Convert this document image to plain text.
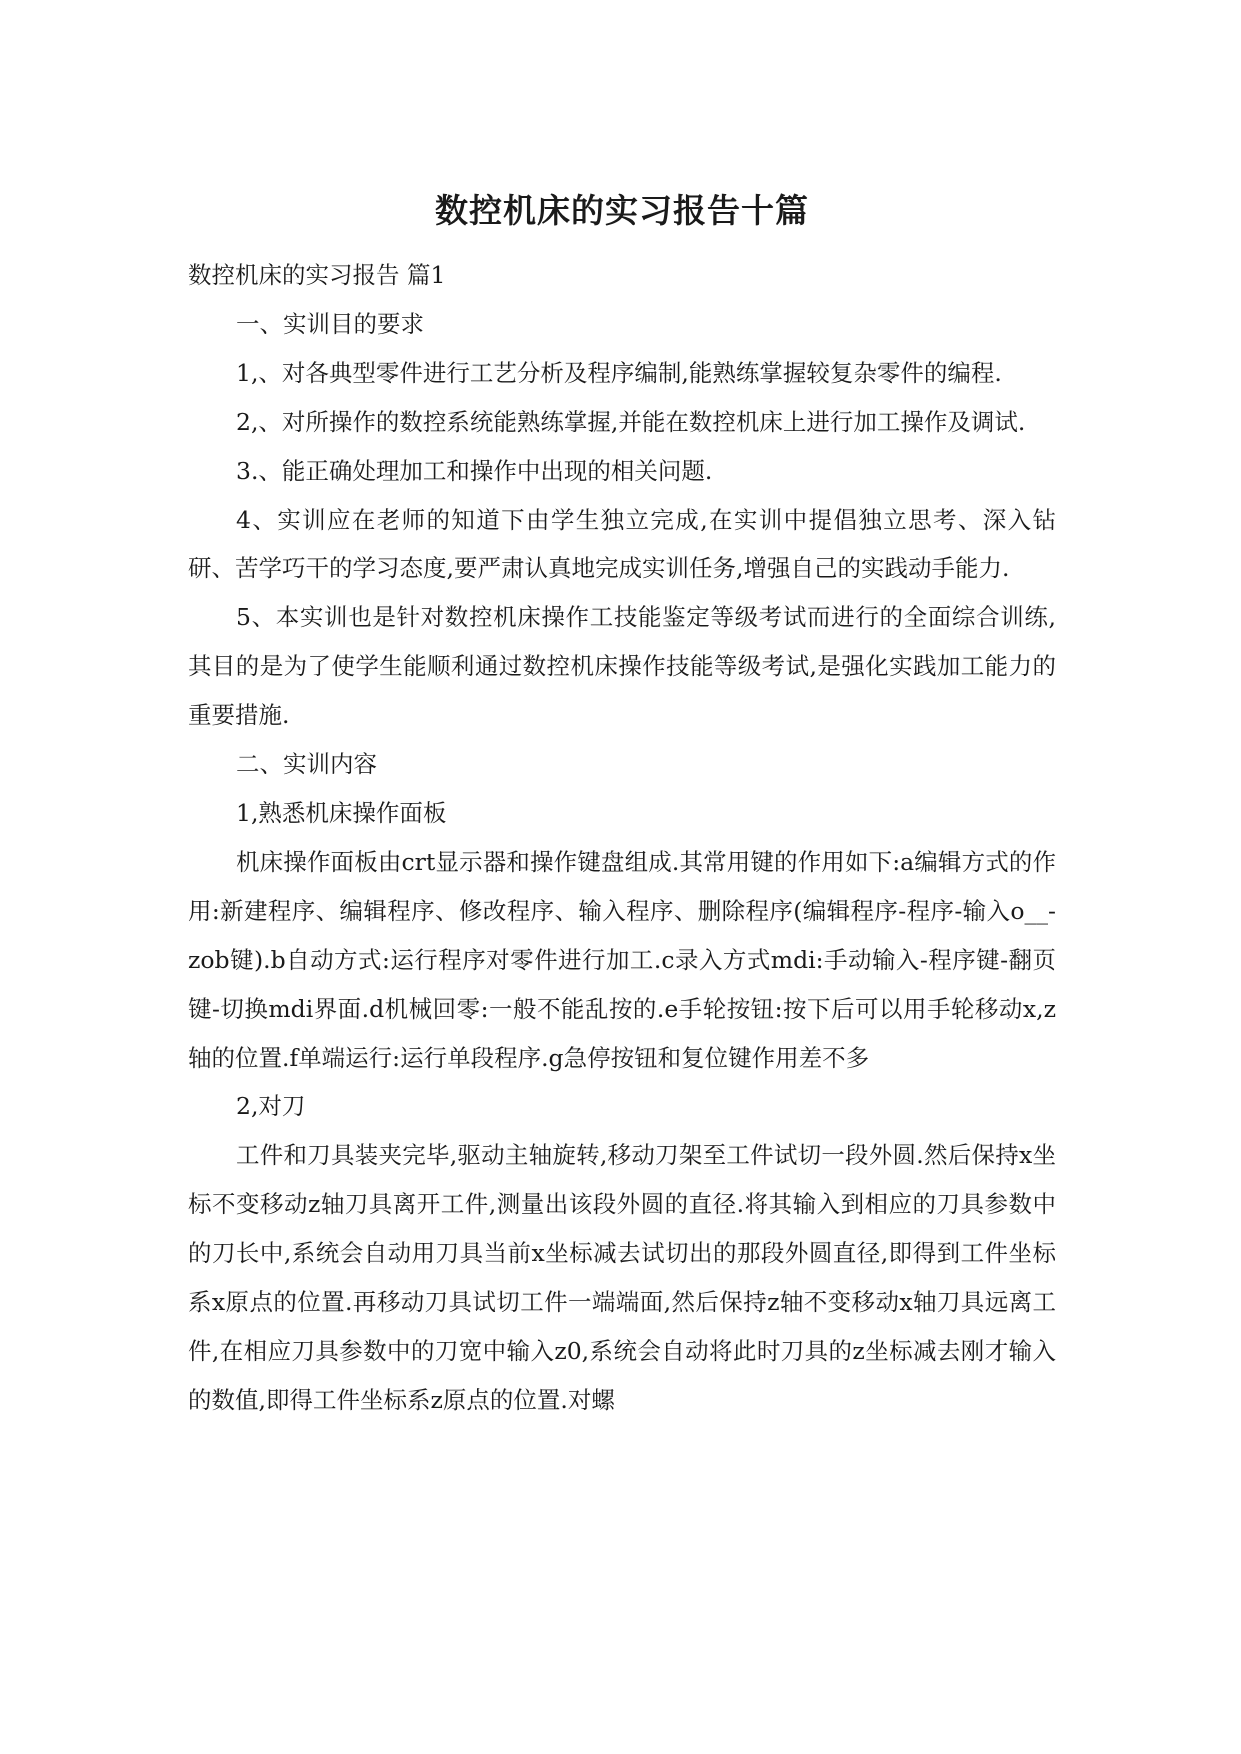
数控机床的实习报告十篇

数控机床的实习报告 篇1

一、实训目的要求

1,、对各典型零件进行工艺分析及程序编制,能熟练掌握较复杂零件的编程.

2,、对所操作的数控系统能熟练掌握,并能在数控机床上进行加工操作及调试.

3.、能正确处理加工和操作中出现的相关问题.

4、实训应在老师的知道下由学生独立完成,在实训中提倡独立思考、深入钻研、苦学巧干的学习态度,要严肃认真地完成实训任务,增强自己的实践动手能力.

5、本实训也是针对数控机床操作工技能鉴定等级考试而进行的全面综合训练,其目的是为了使学生能顺利通过数控机床操作技能等级考试,是强化实践加工能力的重要措施.

二、实训内容

1,熟悉机床操作面板

机床操作面板由crt显示器和操作键盘组成.其常用键的作用如下:a编辑方式的作用:新建程序、编辑程序、修改程序、输入程序、删除程序(编辑程序-程序-输入o__-zob键).b自动方式:运行程序对零件进行加工.c录入方式mdi:手动输入-程序键-翻页键-切换mdi界面.d机械回零:一般不能乱按的.e手轮按钮:按下后可以用手轮移动x,z轴的位置.f单端运行:运行单段程序.g急停按钮和复位键作用差不多

2,对刀

工件和刀具装夹完毕,驱动主轴旋转,移动刀架至工件试切一段外圆.然后保持x坐标不变移动z轴刀具离开工件,测量出该段外圆的直径.将其输入到相应的刀具参数中的刀长中,系统会自动用刀具当前x坐标减去试切出的那段外圆直径,即得到工件坐标系x原点的位置.再移动刀具试切工件一端端面,然后保持z轴不变移动x轴刀具远离工件,在相应刀具参数中的刀宽中输入z0,系统会自动将此时刀具的z坐标减去刚才输入的数值,即得工件坐标系z原点的位置.对螺
